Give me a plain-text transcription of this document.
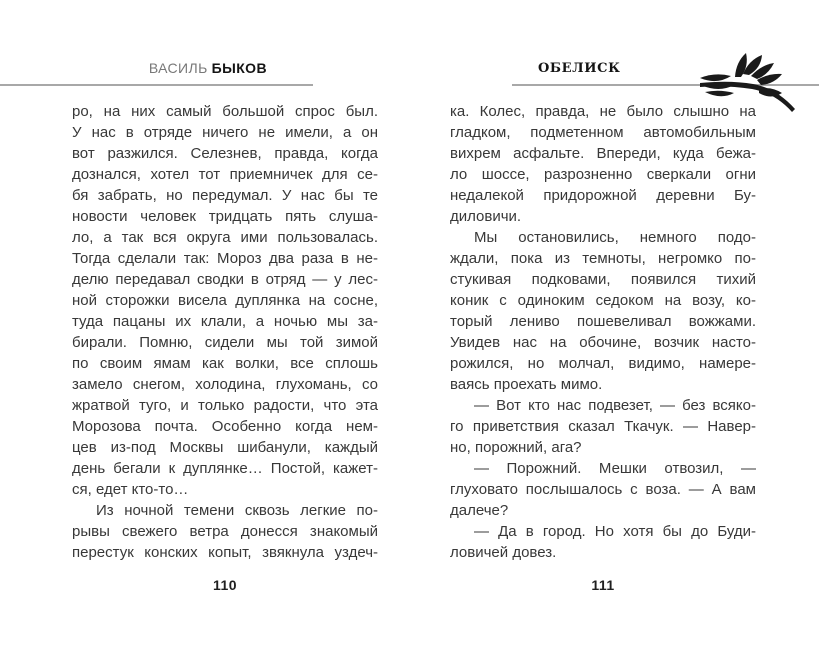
ВАСИЛЬ БЫКОВ	ОБЕЛИСК
ро, на них самый большой спрос был.
У нас в отряде ничего не имели, а он
вот разжился. Селезнев, правда, когда
дознался, хотел тот приемничек для се-
бя забрать, но передумал. У нас бы те
новости человек тридцать пять слуша-
ло, а так вся округа ими пользовалась.
Тогда сделали так: Мороз два раза в не-
делю передавал сводки в отряд — у лес-
ной сторожки висела дуплянка на сосне,
туда пацаны их клали, а ночью мы за-
бирали. Помню, сидели мы той зимой
по своим ямам как волки, все сплошь
замело снегом, холодина, глухомань, со
жратвой туго, и только радости, что эта
Морозова почта. Особенно когда нем-
цев из-под Москвы шибанули, каждый
день бегали к дуплянке… Постой, кажет-
ся, едет кто-то…
Из ночной темени сквозь легкие по-
рывы свежего ветра донесся знакомый
перестук конских копыт, звякнула уздеч-
ка. Колес, правда, не было слышно на
гладком, подметенном автомобильным
вихрем асфальте. Впереди, куда бежа-
ло шоссе, разрозненно сверкали огни
недалекой придорожной деревни Бу-
диловичи.
Мы остановились, немного подо-
ждали, пока из темноты, негромко по-
стукивая подковами, появился тихий
коник с одиноким седоком на возу, ко-
торый лениво пошевеливал вожжами.
Увидев нас на обочине, возчик насто-
рожился, но молчал, видимо, намере-
ваясь проехать мимо.
— Вот кто нас подвезет, — без всяко-
го приветствия сказал Ткачук. — Навер-
но, порожний, ага?
— Порожний. Мешки отвозил, —
глуховато послышалось с воза. — А вам
далече?
— Да в город. Но хотя бы до Буди-
ловичей довез.
110	111
